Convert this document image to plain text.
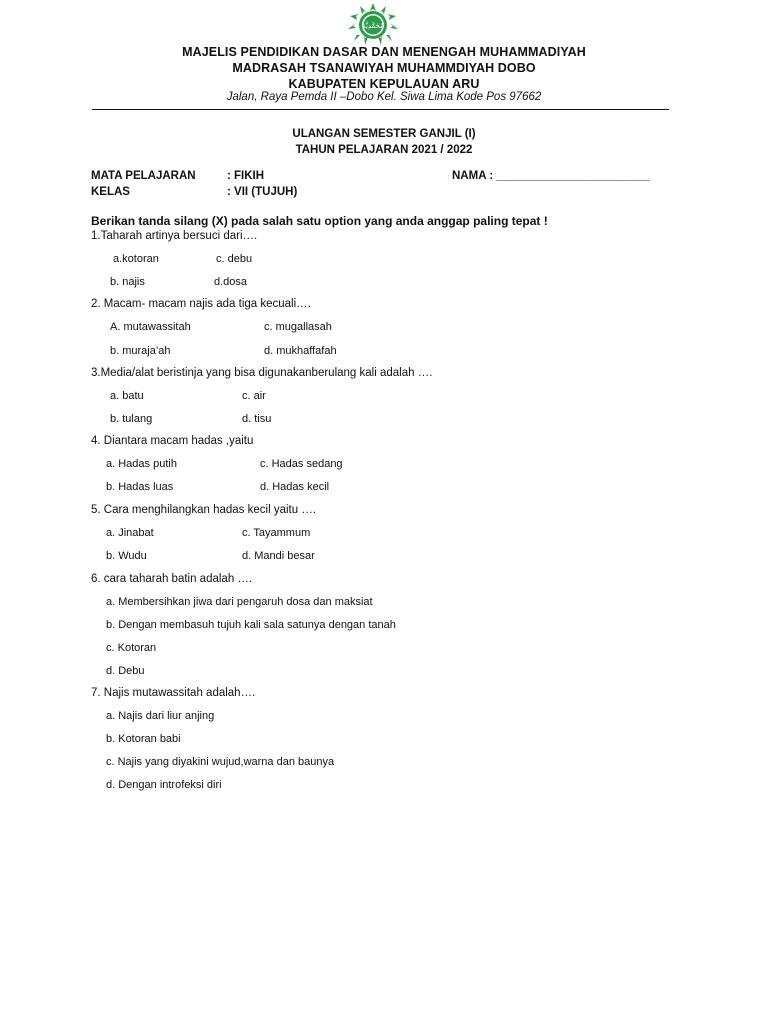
مُحَمَّدِيَّة
MAJELIS PENDIDIKAN DASAR DAN MENENGAH MUHAMMADIYAH
MADRASAH TSANAWIYAH MUHAMMDIYAH DOBO
KABUPATEN KEPULAUAN ARU
Jalan, Raya Pemda II –Dobo Kel. Siwa Lima Kode Pos 97662
ULANGAN SEMESTER GANJIL (I)
TAHUN PELAJARAN 2021 / 2022
MATA PELAJARAN	: FIKIH	NAMA : ________________________
KELAS	: VII (TUJUH)
Berikan tanda silang (X) pada salah satu option yang anda anggap paling tepat !
1.Taharah artinya bersuci dari….
a.kotoran	c. debu
b. najis	d.dosa
2. Macam- macam najis ada tiga kecuali….
A. mutawassitah	c. mugallasah
b. muraja’ah	d. mukhaffafah
3.Media/alat beristinja yang bisa digunakanberulang kali adalah ….
a. batu	c. air
b. tulang	d. tisu
4. Diantara macam hadas ,yaitu
a. Hadas putih	c. Hadas sedang
b. Hadas luas	d. Hadas kecil
5. Cara menghilangkan hadas kecil yaitu ….
a. Jinabat	c. Tayammum
b. Wudu	d. Mandi besar
6. cara taharah batin adalah ….
a. Membersihkan jiwa dari pengaruh dosa dan maksiat
b. Dengan membasuh tujuh kali sala satunya dengan tanah
c. Kotoran
d. Debu
7. Najis mutawassitah adalah….
a. Najis dari liur anjing
b. Kotoran babi
c. Najis yang diyakini wujud,warna dan baunya
d. Dengan introfeksi diri
